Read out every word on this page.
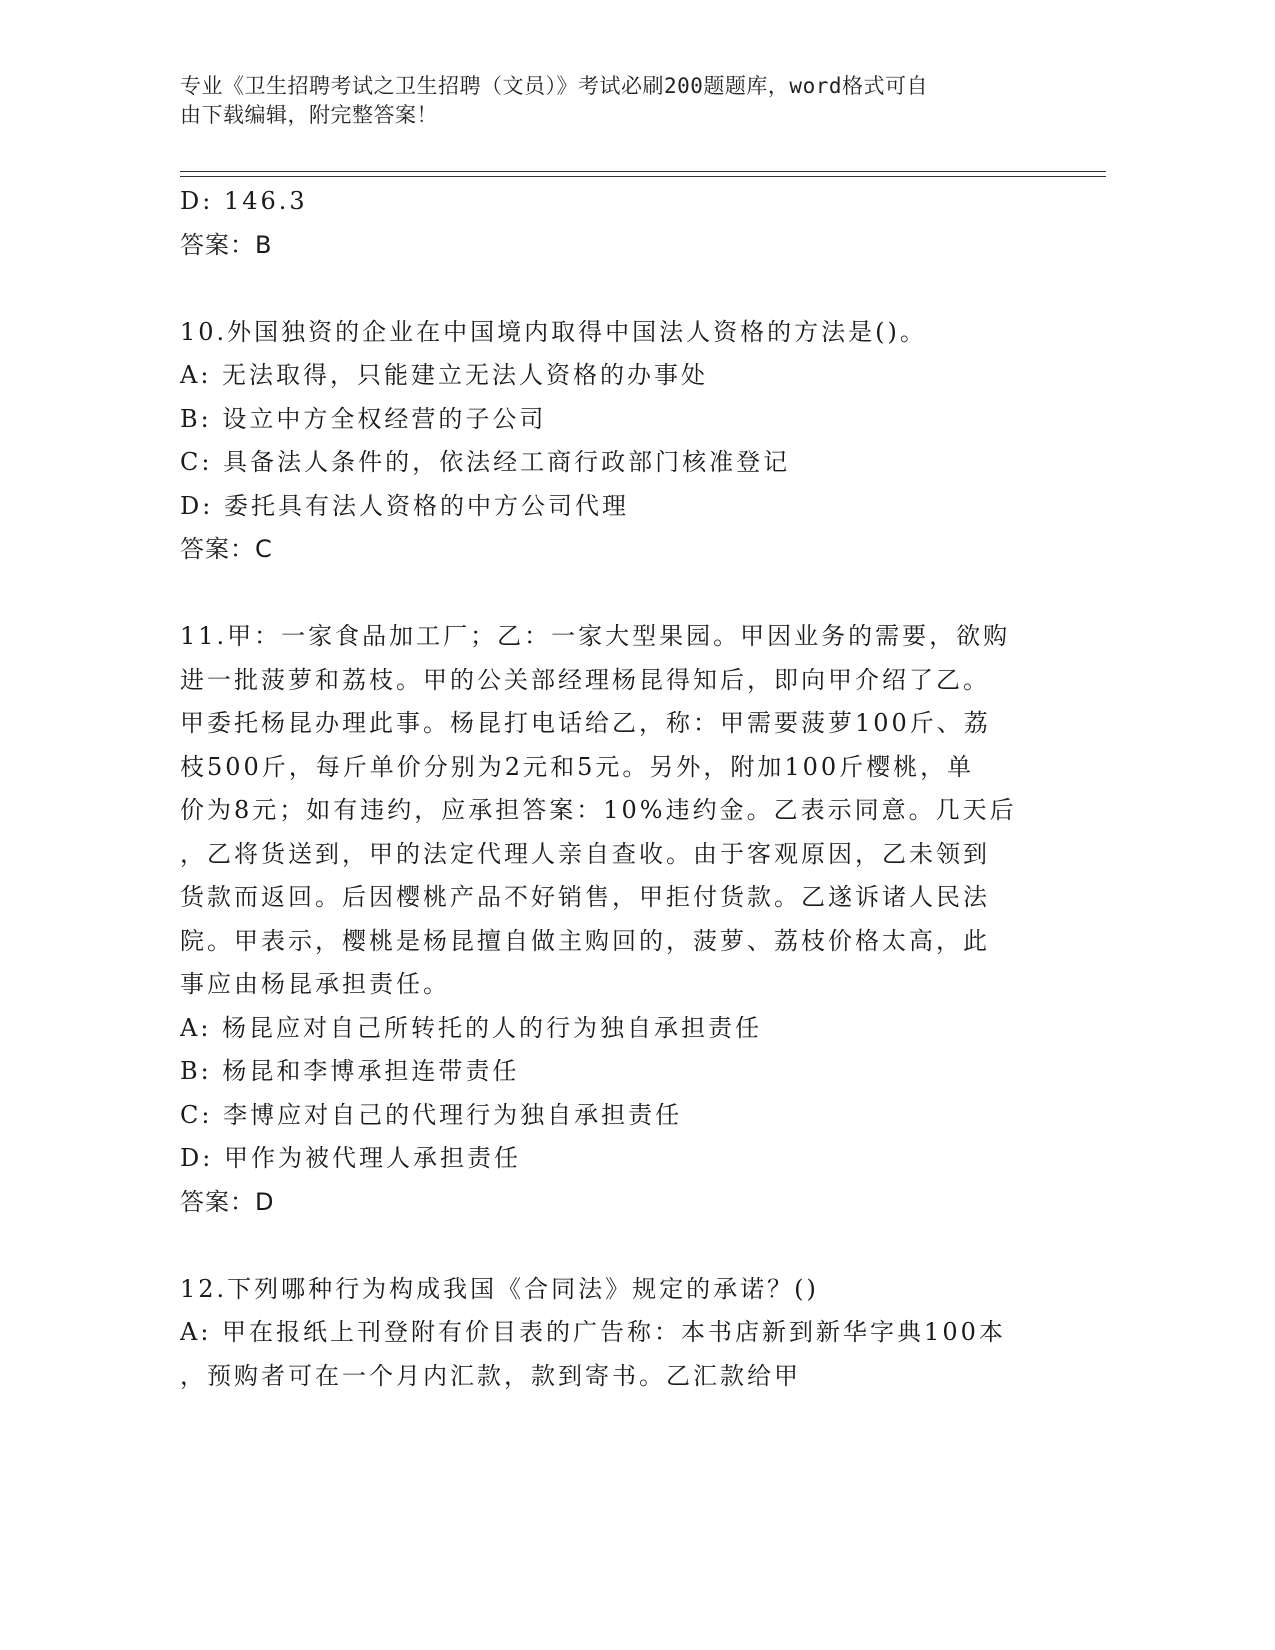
专业《卫生招聘考试之卫生招聘（文员）》考试必刷200题题库，word格式可自
由下载编辑，附完整答案！
D: 146.3
答案：B
10.外国独资的企业在中国境内取得中国法人资格的方法是()。
A: 无法取得，只能建立无法人资格的办事处
B: 设立中方全权经营的子公司
C: 具备法人条件的，依法经工商行政部门核准登记
D: 委托具有法人资格的中方公司代理
答案：C
11.甲：一家食品加工厂；乙：一家大型果园。甲因业务的需要，欲购
进一批菠萝和荔枝。甲的公关部经理杨昆得知后，即向甲介绍了乙。
甲委托杨昆办理此事。杨昆打电话给乙，称：甲需要菠萝100斤、荔
枝500斤，每斤单价分别为2元和5元。另外，附加100斤樱桃，单
价为8元；如有违约，应承担答案：10%违约金。乙表示同意。几天后
，乙将货送到，甲的法定代理人亲自查收。由于客观原因，乙未领到
货款而返回。后因樱桃产品不好销售，甲拒付货款。乙遂诉诸人民法
院。甲表示，樱桃是杨昆擅自做主购回的，菠萝、荔枝价格太高，此
事应由杨昆承担责任。
A: 杨昆应对自己所转托的人的行为独自承担责任
B: 杨昆和李博承担连带责任
C: 李博应对自己的代理行为独自承担责任
D: 甲作为被代理人承担责任
答案：D
12.下列哪种行为构成我国《合同法》规定的承诺？()
A: 甲在报纸上刊登附有价目表的广告称：本书店新到新华字典100本
，预购者可在一个月内汇款，款到寄书。乙汇款给甲
